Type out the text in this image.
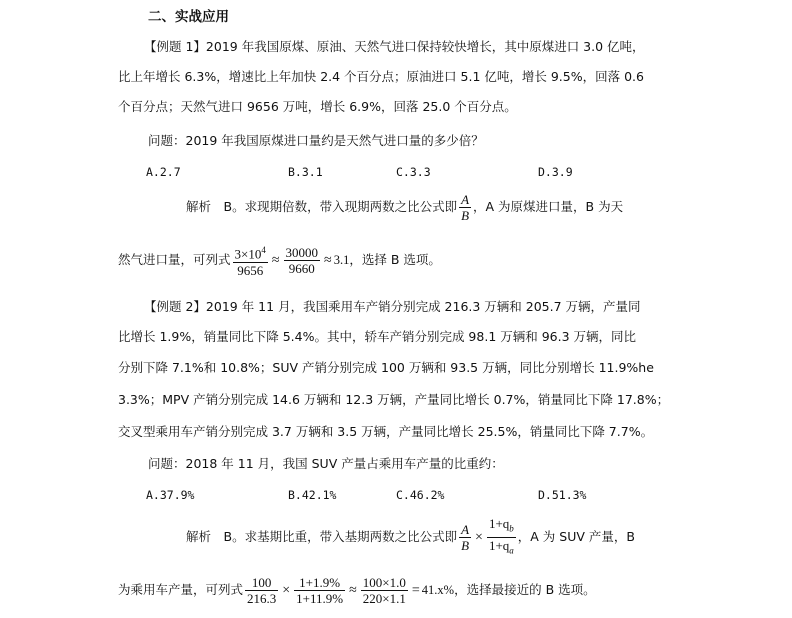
二、实战应用
【例题 1】2019 年我国原煤、原油、天然气进口保持较快增长，其中原煤进口 3.0 亿吨，
比上年增长 6.3%，增速比上年加快 2.4 个百分点；原油进口 5.1 亿吨，增长 9.5%，回落 0.6
个百分点；天然气进口 9656 万吨，增长 6.9%，回落 25.0 个百分点。
问题：2019 年我国原煤进口量约是天然气进口量的多少倍？
A.2.7	B.3.1	C.3.3	D.3.9
解析　B。求现期倍数，带入现期两数之比公式即 $\frac{A}{B}$ ，A 为原煤进口量，B 为天
然气进口量，可列式 $\frac{3\times 10^4}{9656} \approx \frac{30000}{9660} \approx 3.1$，选择 B 选项。
【例题 2】2019 年 11 月，我国乘用车产销分别完成 216.3 万辆和 205.7 万辆，产量同
比增长 1.9%，销量同比下降 5.4%。其中，轿车产销分别完成 98.1 万辆和 96.3 万辆，同比
分别下降 7.1%和 10.8%；SUV 产销分别完成 100 万辆和 93.5 万辆，同比分别增长 11.9%he
3.3%；MPV 产销分别完成 14.6 万辆和 12.3 万辆，产量同比增长 0.7%，销量同比下降 17.8%；
交叉型乘用车产销分别完成 3.7 万辆和 3.5 万辆，产量同比增长 25.5%，销量同比下降 7.7%。
问题：2018 年 11 月，我国 SUV 产量占乘用车产量的比重约：
A.37.9%	B.42.1%	C.46.2%	D.51.3%
解析　B。求基期比重，带入基期两数之比公式即 $\frac{A}{B} \times \frac{1+q_b}{1+q_a}$ ，A 为 SUV 产量，B
为乘用车产量，可列式 $\frac{100}{216.3} \times \frac{1+1.9\%}{1+11.9\%} \approx \frac{100\times 1.0}{220\times 1.1} = 41.x\%$，选择最接近的 B 选项。
